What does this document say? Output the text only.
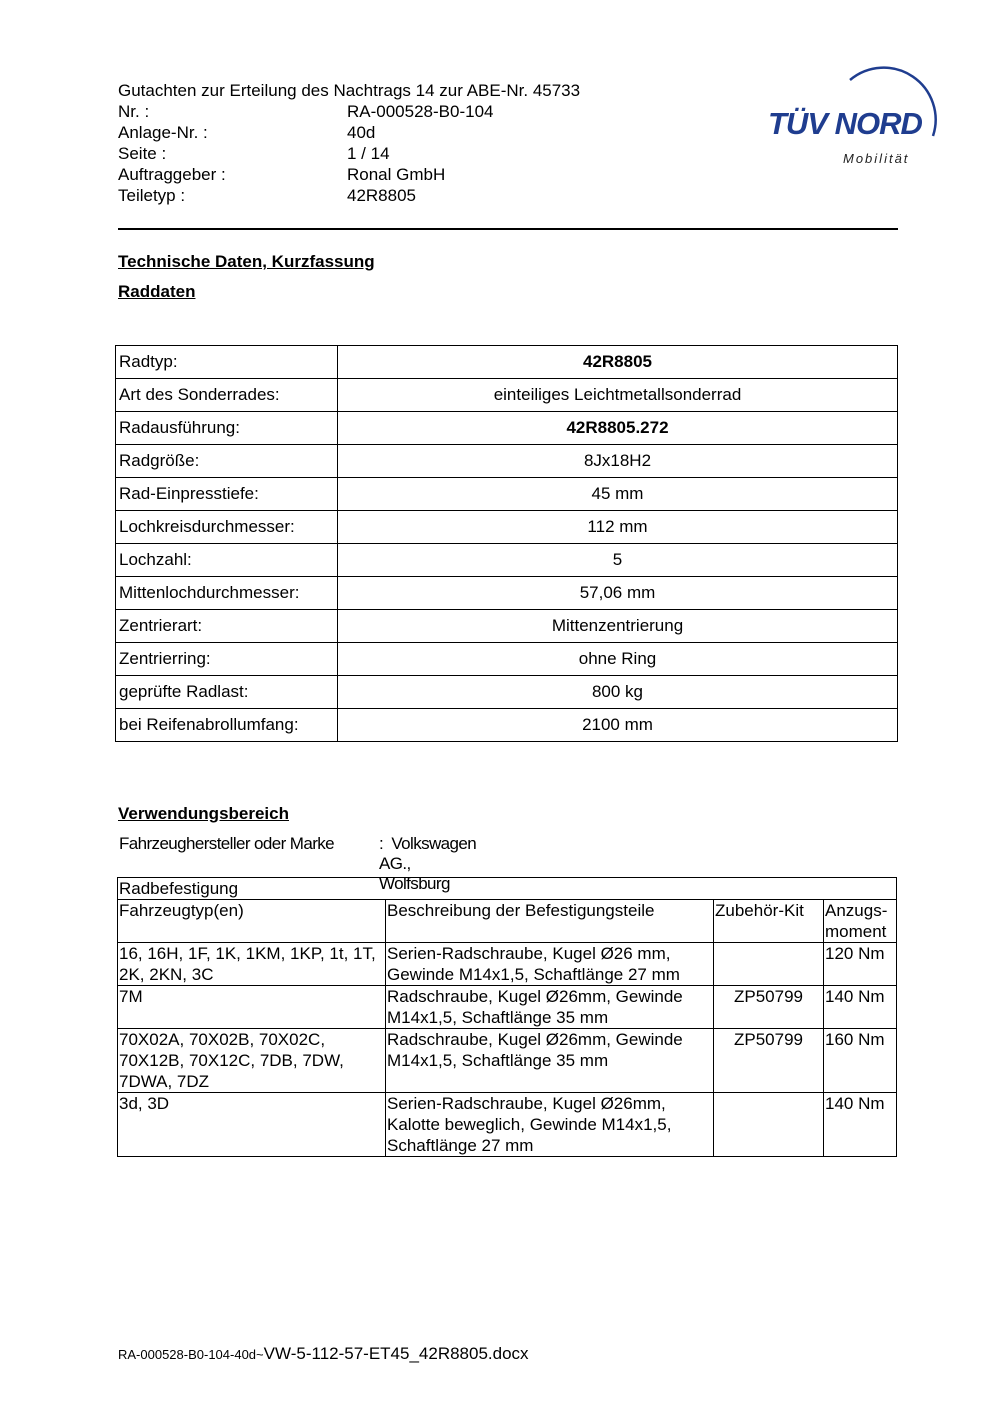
Gutachten zur Erteilung des Nachtrags 14 zur ABE-Nr. 45733
Nr. :	RA-000528-B0-104
Anlage-Nr. :	40d
Seite :	1 / 14
Auftraggeber :	Ronal GmbH
Teiletyp :	42R8805
TÜV NORD
Mobilität
Technische Daten, Kurzfassung
Raddaten
Radtyp:	42R8805
Art des Sonderrades:	einteiliges Leichtmetallsonderrad
Radausführung:	42R8805.272
Radgröße:	8Jx18H2
Rad-Einpresstiefe:	45 mm
Lochkreisdurchmesser:	112 mm
Lochzahl:	5
Mittenlochdurchmesser:	57,06 mm
Zentrierart:	Mittenzentrierung
Zentrierring:	ohne Ring
geprüfte Radlast:	800 kg
bei Reifenabrollumfang:	2100 mm
Verwendungsbereich
Fahrzeughersteller oder Marke	: Volkswagen AG., Wolfsburg
Radbefestigung			
Fahrzeugtyp(en)	Beschreibung der Befestigungsteile	Zubehör-Kit	Anzugs-moment
16, 16H, 1F, 1K, 1KM, 1KP, 1t, 1T, 2K, 2KN, 3C	Serien-Radschraube, Kugel Ø26 mm, Gewinde M14x1,5, Schaftlänge 27 mm		120 Nm
7M	Radschraube, Kugel Ø26mm, Gewinde M14x1,5, Schaftlänge 35 mm	ZP50799	140 Nm
70X02A, 70X02B, 70X02C, 70X12B, 70X12C, 7DB, 7DW, 7DWA, 7DZ	Radschraube, Kugel Ø26mm, Gewinde M14x1,5, Schaftlänge 35 mm	ZP50799	160 Nm
3d, 3D	Serien-Radschraube, Kugel Ø26mm, Kalotte beweglich, Gewinde M14x1,5, Schaftlänge 27 mm		140 Nm
RA-000528-B0-104-40d~VW-5-112-57-ET45_42R8805.docx
